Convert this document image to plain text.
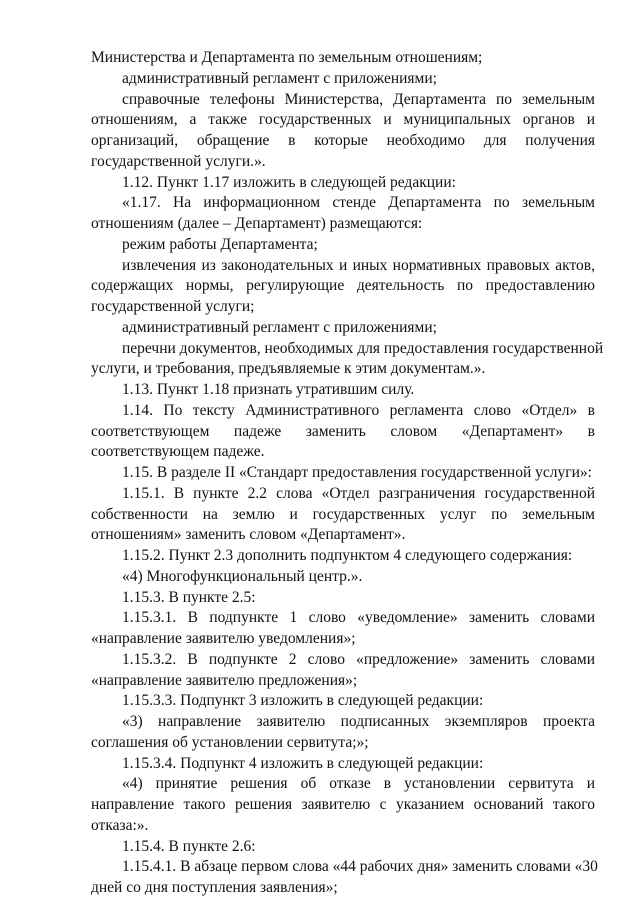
Министерства и Департамента по земельным отношениям;
административный регламент с приложениями;
справочные телефоны Министерства, Департамента по земельным
отношениям, а также государственных и муниципальных органов и
организаций, обращение в которые необходимо для получения
государственной услуги.».
1.12. Пункт 1.17 изложить в следующей редакции:
«1.17. На информационном стенде Департамента по земельным
отношениям (далее – Департамент) размещаются:
режим работы Департамента;
извлечения из законодательных и иных нормативных правовых актов,
содержащих нормы, регулирующие деятельность по предоставлению
государственной услуги;
административный регламент с приложениями;
перечни документов, необходимых для предоставления государственной
услуги, и требования, предъявляемые к этим документам.».
1.13. Пункт 1.18 признать утратившим силу.
1.14. По тексту Административного регламента слово «Отдел» в
соответствующем падеже заменить словом «Департамент» в
соответствующем падеже.
1.15. В разделе II «Стандарт предоставления государственной услуги»:
1.15.1. В пункте 2.2 слова «Отдел разграничения государственной
собственности на землю и государственных услуг по земельным
отношениям» заменить словом «Департамент».
1.15.2. Пункт 2.3 дополнить подпунктом 4 следующего содержания:
«4) Многофункциональный центр.».
1.15.3. В пункте 2.5:
1.15.3.1. В подпункте 1 слово «уведомление» заменить словами
«направление заявителю уведомления»;
1.15.3.2. В подпункте 2 слово «предложение» заменить словами
«направление заявителю предложения»;
1.15.3.3. Подпункт 3 изложить в следующей редакции:
«3) направление заявителю подписанных экземпляров проекта
соглашения об установлении сервитута;»;
1.15.3.4. Подпункт 4 изложить в следующей редакции:
«4) принятие решения об отказе в установлении сервитута и
направление такого решения заявителю с указанием оснований такого
отказа:».
1.15.4. В пункте 2.6:
1.15.4.1. В абзаце первом слова «44 рабочих дня» заменить словами «30
дней со дня поступления заявления»;
